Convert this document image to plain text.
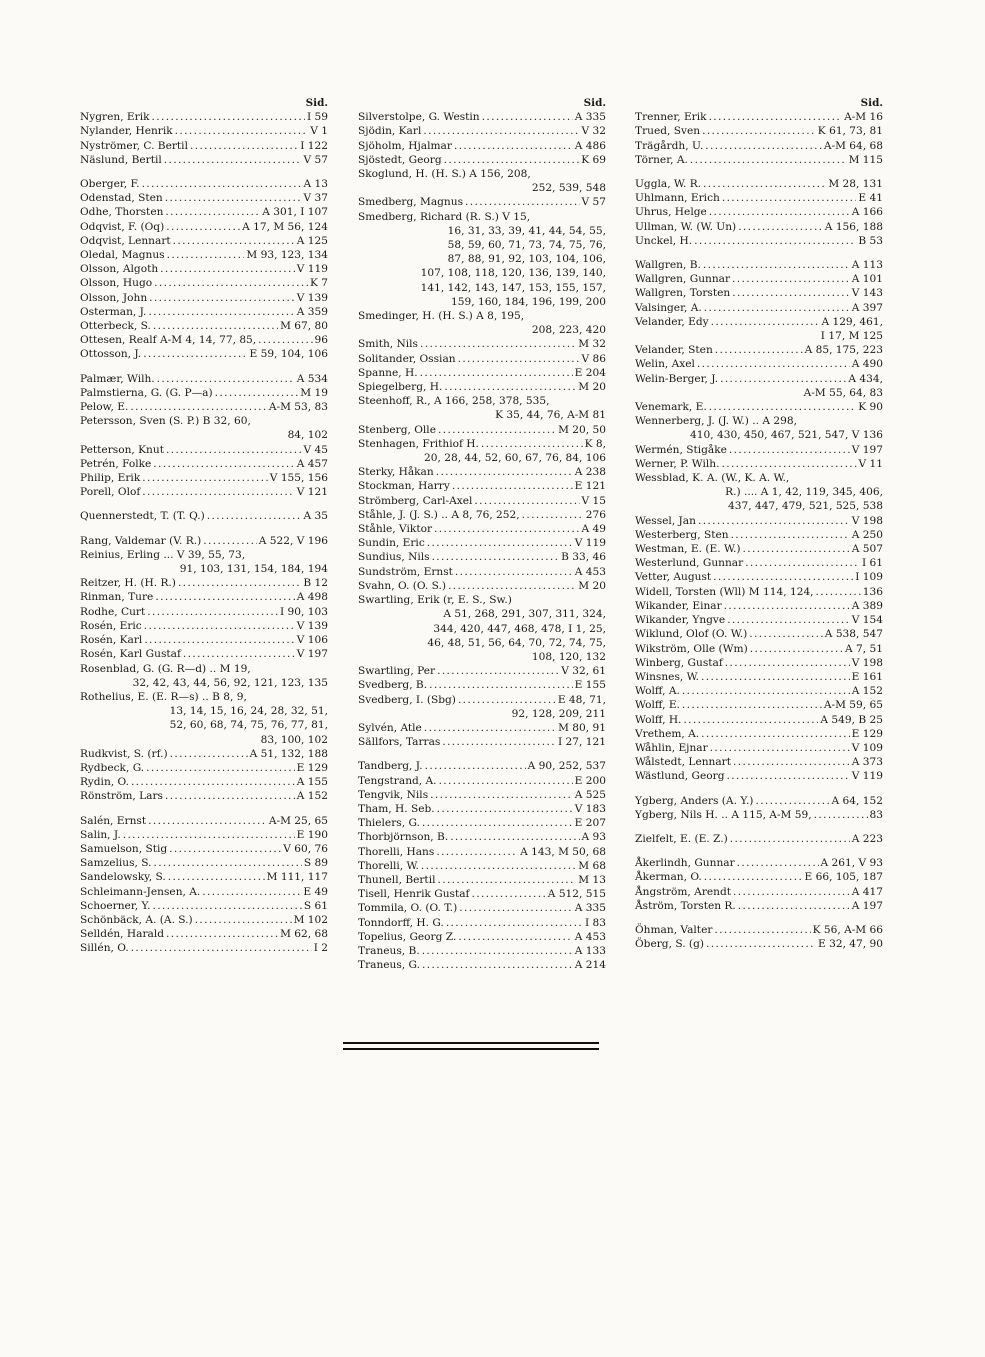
Sid.
Nygren, Erik . . .	I 59
Nylander, Henrik . . .	V 1
Nyströmer, C. Bertil . . .	I 122
Näslund, Bertil . . .	V 57
Oberger, F. . . .	A 13
Odenstad, Sten . . .	V 37
Odhe, Thorsten . . .	A 301, I 107
Odqvist, F. (Oq) . . .	A 17, M 56, 124
Odqvist, Lennart . . .	A 125
Oledal, Magnus . . .	M 93, 123, 134
Olsson, Algoth . . .	V 119
Olsson, Hugo . . .	K 7
Olsson, John . . .	V 139
Osterman, J. . . .	A 359
Otterbeck, S. . . .	M 67, 80
Ottesen, Realf A-M 4, 14, 77, 85, . . .	96
Ottosson, J. . . .	E 59, 104, 106
Palmær, Wilh. . . .	A 534
Palmstierna, G. (G. P—a) . . .	M 19
Pelow, E. . . .	A-M 53, 83
Petersson, Sven (S. P.) B 32, 60,
84, 102
Petterson, Knut . . .	V 45
Petrén, Folke . . .	A 457
Philip, Erik . . .	V 155, 156
Porell, Olof . . .	V 121
Quennerstedt, T. (T. Q.) . . .	A 35
Rang, Valdemar (V. R.) . . .	A 522, V 196
Reinius, Erling ... V 39, 55, 73,
91, 103, 131, 154, 184, 194
Reitzer, H. (H. R.) . . .	B 12
Rinman, Ture . . .	A 498
Rodhe, Curt . . .	I 90, 103
Rosén, Eric . . .	V 139
Rosén, Karl . . .	V 106
Rosén, Karl Gustaf . . .	V 197
Rosenblad, G. (G. R—d) .. M 19,
32, 42, 43, 44, 56, 92, 121, 123, 135
Rothelius, E. (E. R—s) .. B 8, 9,
13, 14, 15, 16, 24, 28, 32, 51,
52, 60, 68, 74, 75, 76, 77, 81,
83, 100, 102
Rudkvist, S. (rf.) . . .	A 51, 132, 188
Rydbeck, G. . . .	E 129
Rydin, O. . . .	A 155
Rönström, Lars . . .	A 152
Salén, Ernst . . .	A-M 25, 65
Salin, J. . . .	E 190
Samuelson, Stig . . .	V 60, 76
Samzelius, S. . . .	S 89
Sandelowsky, S. . . .	M 111, 117
Schleimann-Jensen, A. . . .	E 49
Schoerner, Y. . . .	S 61
Schönbäck, A. (A. S.) . . .	M 102
Selldén, Harald . . .	M 62, 68
Sillén, O. . . .	I 2
Sid.
Silverstolpe, G. Westin . . .	A 335
Sjödin, Karl . . .	V 32
Sjöholm, Hjalmar . . .	A 486
Sjöstedt, Georg . . .	K 69
Skoglund, H. (H. S.) A 156, 208,
252, 539, 548
Smedberg, Magnus . . .	V 57
Smedberg, Richard (R. S.) V 15,
16, 31, 33, 39, 41, 44, 54, 55,
58, 59, 60, 71, 73, 74, 75, 76,
87, 88, 91, 92, 103, 104, 106,
107, 108, 118, 120, 136, 139, 140,
141, 142, 143, 147, 153, 155, 157,
159, 160, 184, 196, 199, 200
Smedinger, H. (H. S.) A 8, 195,
208, 223, 420
Smith, Nils . . .	M 32
Solitander, Ossian . . .	V 86
Spanne, H. . . .	E 204
Spiegelberg, H. . . .	M 20
Steenhoff, R., A 166, 258, 378, 535,
K 35, 44, 76, A-M 81
Stenberg, Olle . . .	M 20, 50
Stenhagen, Frithiof H. . . .	K 8,
20, 28, 44, 52, 60, 67, 76, 84, 106
Sterky, Håkan . . .	A 238
Stockman, Harry . . .	E 121
Strömberg, Carl-Axel . . .	V 15
Ståhle, J. (J. S.) .. A 8, 76, 252, . . .	276
Ståhle, Viktor . . .	A 49
Sundin, Eric . . .	V 119
Sundius, Nils . . .	B 33, 46
Sundström, Ernst . . .	A 453
Svahn, O. (O. S.) . . .	M 20
Swartling, Erik (r, E. S., Sw.)
A 51, 268, 291, 307, 311, 324,
344, 420, 447, 468, 478, I 1, 25,
46, 48, 51, 56, 64, 70, 72, 74, 75,
108, 120, 132
Swartling, Per . . .	V 32, 61
Svedberg, B. . . .	E 155
Svedberg, I. (Sbg) . . .	E 48, 71,
92, 128, 209, 211
Sylvén, Atle . . .	M 80, 91
Sällfors, Tarras . . .	I 27, 121
Tandberg, J. . . .	A 90, 252, 537
Tengstrand, A. . . .	E 200
Tengvik, Nils . . .	A 525
Tham, H. Seb. . . .	V 183
Thielers, G. . . .	E 207
Thorbjörnson, B. . . .	A 93
Thorelli, Hans . . .	A 143, M 50, 68
Thorelli, W. . . .	M 68
Thunell, Bertil . . .	M 13
Tisell, Henrik Gustaf . . .	A 512, 515
Tommila, O. (O. T.) . . .	A 335
Tonndorff, H. G. . . .	I 83
Topelius, Georg Z. . . .	A 453
Traneus, B. . . .	A 133
Traneus, G. . . .	A 214
Sid.
Trenner, Erik . . .	A-M 16
Trued, Sven . . .	K 61, 73, 81
Trägårdh, U. . . .	A-M 64, 68
Törner, A. . . .	M 115
Uggla, W. R. . . .	M 28, 131
Uhlmann, Erich . . .	E 41
Uhrus, Helge . . .	A 166
Ullman, W. (W. Un) . . .	A 156, 188
Unckel, H. . . .	B 53
Wallgren, B. . . .	A 113
Wallgren, Gunnar . . .	A 101
Wallgren, Torsten . . .	V 143
Valsinger, A. . . .	A 397
Velander, Edy . . .	A 129, 461,
I 17, M 125
Velander, Sten . . .	A 85, 175, 223
Welin, Axel . . .	A 490
Welin-Berger, J. . . .	A 434,
A-M 55, 64, 83
Venemark, E. . . .	K 90
Wennerberg, J. (J. W.) .. A 298,
410, 430, 450, 467, 521, 547, V 136
Wermén, Stigåke . . .	V 197
Werner, P. Wilh. . . .	V 11
Wessblad, K. A. (W., K. A. W.,
R.) .... A 1, 42, 119, 345, 406,
437, 447, 479, 521, 525, 538
Wessel, Jan . . .	V 198
Westerberg, Sten . . .	A 250
Westman, E. (E. W.) . . .	A 507
Westerlund, Gunnar . . .	I 61
Vetter, August . . .	I 109
Widell, Torsten (Wll) M 114, 124, . . .	136
Wikander, Einar . . .	A 389
Wikander, Yngve . . .	V 154
Wiklund, Olof (O. W.) . . .	A 538, 547
Wikström, Olle (Wm) . . .	A 7, 51
Winberg, Gustaf . . .	V 198
Winsnes, W. . . .	E 161
Wolff, A. . . .	A 152
Wolff, E. . . .	A-M 59, 65
Wolff, H. . . .	A 549, B 25
Vrethem, A. . . .	E 129
Wåhlin, Ejnar . . .	V 109
Wålstedt, Lennart . . .	A 373
Wästlund, Georg . . .	V 119
Ygberg, Anders (A. Y.) . . .	A 64, 152
Ygberg, Nils H. .. A 115, A-M 59, . . .	83
Zielfelt, E. (E. Z.) . . .	A 223
Åkerlindh, Gunnar . . .	A 261, V 93
Åkerman, O. . . .	E 66, 105, 187
Ångström, Arendt . . .	A 417
Åström, Torsten R. . . .	A 197
Öhman, Valter . . .	K 56, A-M 66
Öberg, S. (g) . . .	E 32, 47, 90
